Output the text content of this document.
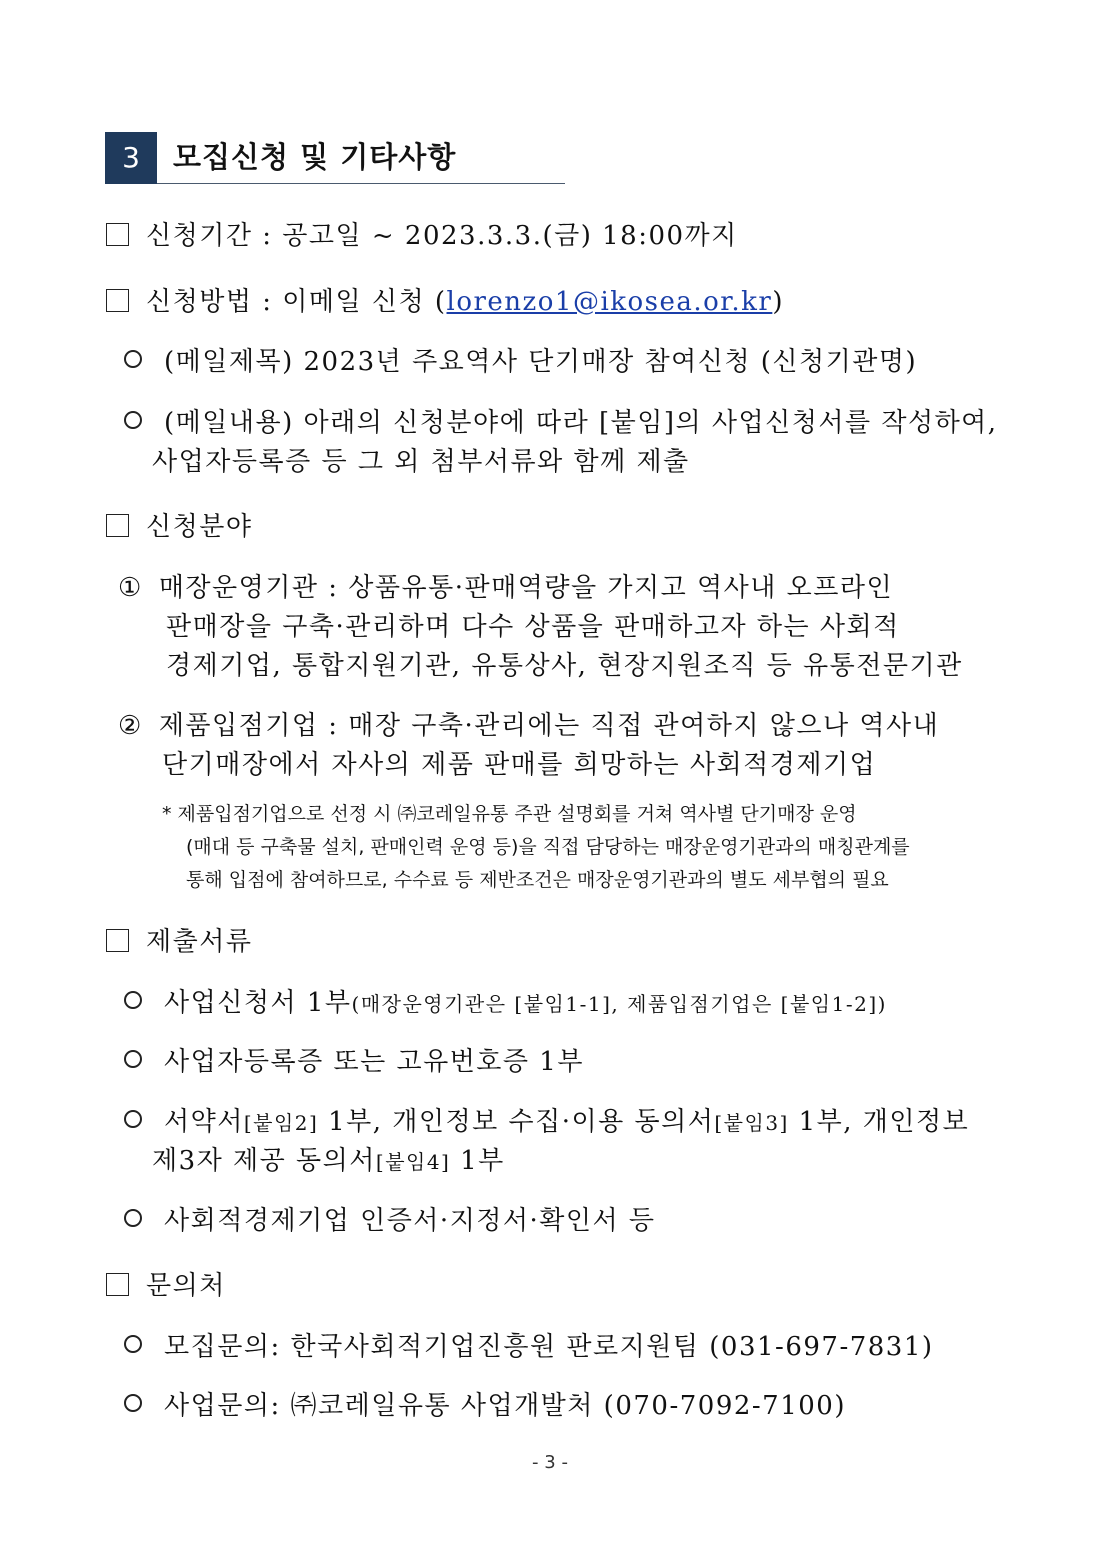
3	모집신청 및 기타사항
신청기간 : 공고일 ~ 2023.3.3.(금) 18:00까지
신청방법 : 이메일 신청 (lorenzo1@ikosea.or.kr)
(메일제목) 2023년 주요역사 단기매장 참여신청 (신청기관명)
(메일내용) 아래의 신청분야에 따라 [붙임]의 사업신청서를 작성하여,
사업자등록증 등 그 외 첨부서류와 함께 제출
신청분야
① 매장운영기관 : 상품유통·판매역량을 가지고 역사내 오프라인
판매장을 구축·관리하며 다수 상품을 판매하고자 하는 사회적
경제기업, 통합지원기관, 유통상사, 현장지원조직 등 유통전문기관
② 제품입점기업 : 매장 구축·관리에는 직접 관여하지 않으나 역사내
단기매장에서 자사의 제품 판매를 희망하는 사회적경제기업
* 제품입점기업으로 선정 시 ㈜코레일유통 주관 설명회를 거쳐 역사별 단기매장 운영
(매대 등 구축물 설치, 판매인력 운영 등)을 직접 담당하는 매장운영기관과의 매칭관계를
통해 입점에 참여하므로, 수수료 등 제반조건은 매장운영기관과의 별도 세부협의 필요
제출서류
사업신청서 1부(매장운영기관은 [붙임1-1], 제품입점기업은 [붙임1-2])
사업자등록증 또는 고유번호증 1부
서약서[붙임2] 1부, 개인정보 수집·이용 동의서[붙임3] 1부, 개인정보
제3자 제공 동의서[붙임4] 1부
사회적경제기업 인증서·지정서·확인서 등
문의처
모집문의: 한국사회적기업진흥원 판로지원팀 (031-697-7831)
사업문의: ㈜코레일유통 사업개발처 (070-7092-7100)
- 3 -
